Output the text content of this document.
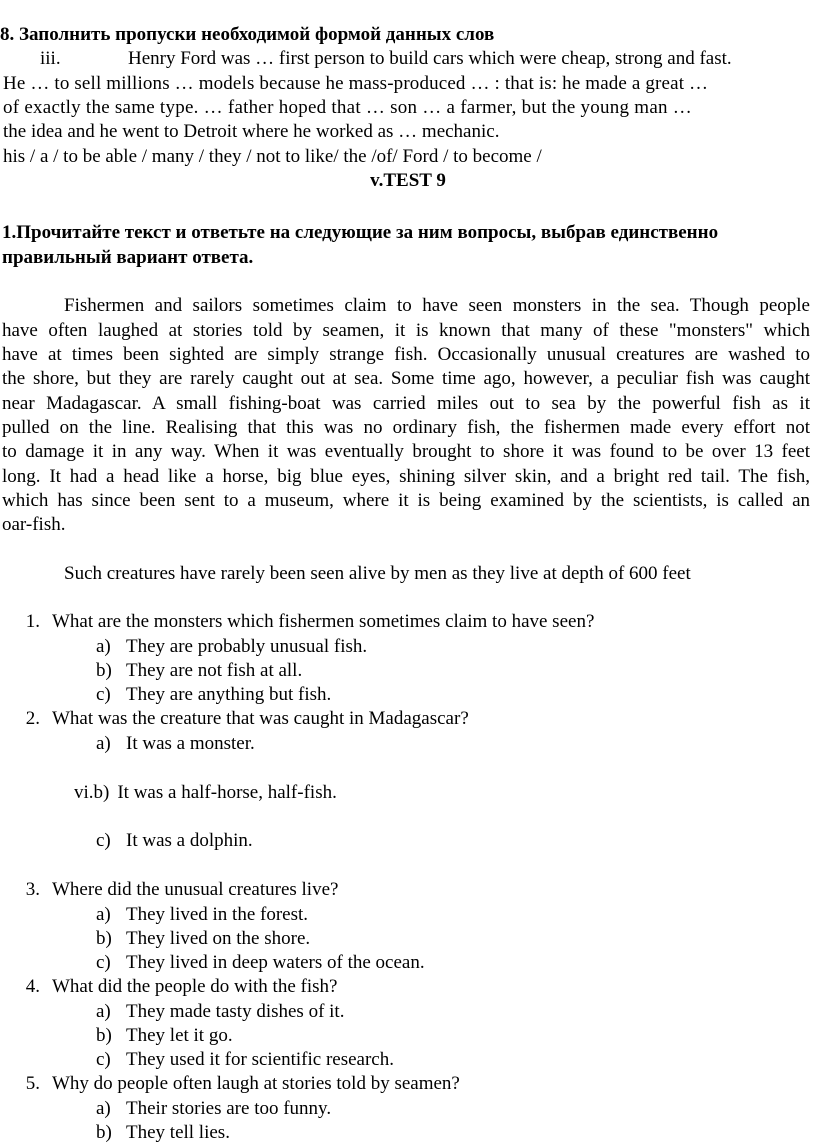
8. Заполнить пропуски необходимой формой данных слов
iii.	Henry Ford was … first person to build cars which were cheap, strong and fast.
He … to sell millions … models because he mass-produced … : that is: he made a great …
of exactly the same type. … father hoped that … son … a farmer, but the young man …
the idea and he went to Detroit where he worked as … mechanic.
his / a / to be able / many / they / not to like/ the /of/ Ford / to become /
v.TEST 9
1.Прочитайте текст и ответьте на следующие за ним вопросы, выбрав единственно
правильный вариант ответа.
Fishermen and sailors sometimes claim to have seen monsters in the sea. Though people
have often laughed at stories told by seamen, it is known that many of these "monsters" which
have at times been sighted are simply strange fish. Occasionally unusual creatures are washed to
the shore, but they are rarely caught out at sea. Some time ago, however, a peculiar fish was caught
near Madagascar. A small fishing-boat was carried miles out to sea by the powerful fish as it
pulled on the line. Realising that this was no ordinary fish, the fishermen made every effort not
to damage it in any way. When it was eventually brought to shore it was found to be over 13 feet
long. It had a head like a horse, big blue eyes, shining silver skin, and a bright red tail. The fish,
which has since been sent to a museum, where it is being examined by the scientists, is called an
oar-fish.
Such creatures have rarely been seen alive by men as they live at depth of 600 feet
1. What are the monsters which fishermen sometimes claim to have seen?
a) They are probably unusual fish.
b) They are not fish at all.
c) They are anything but fish.
2. What was the creature that was caught in Madagascar?
a) It was a monster.
vi.b) It was a half-horse, half-fish.
c) It was a dolphin.
3. Where did the unusual creatures live?
a) They lived in the forest.
b) They lived on the shore.
c) They lived in deep waters of the ocean.
4. What did the people do with the fish?
a) They made tasty dishes of it.
b) They let it go.
c) They used it for scientific research.
5. Why do people often laugh at stories told by seamen?
a) Their stories are too funny.
b) They tell lies.
